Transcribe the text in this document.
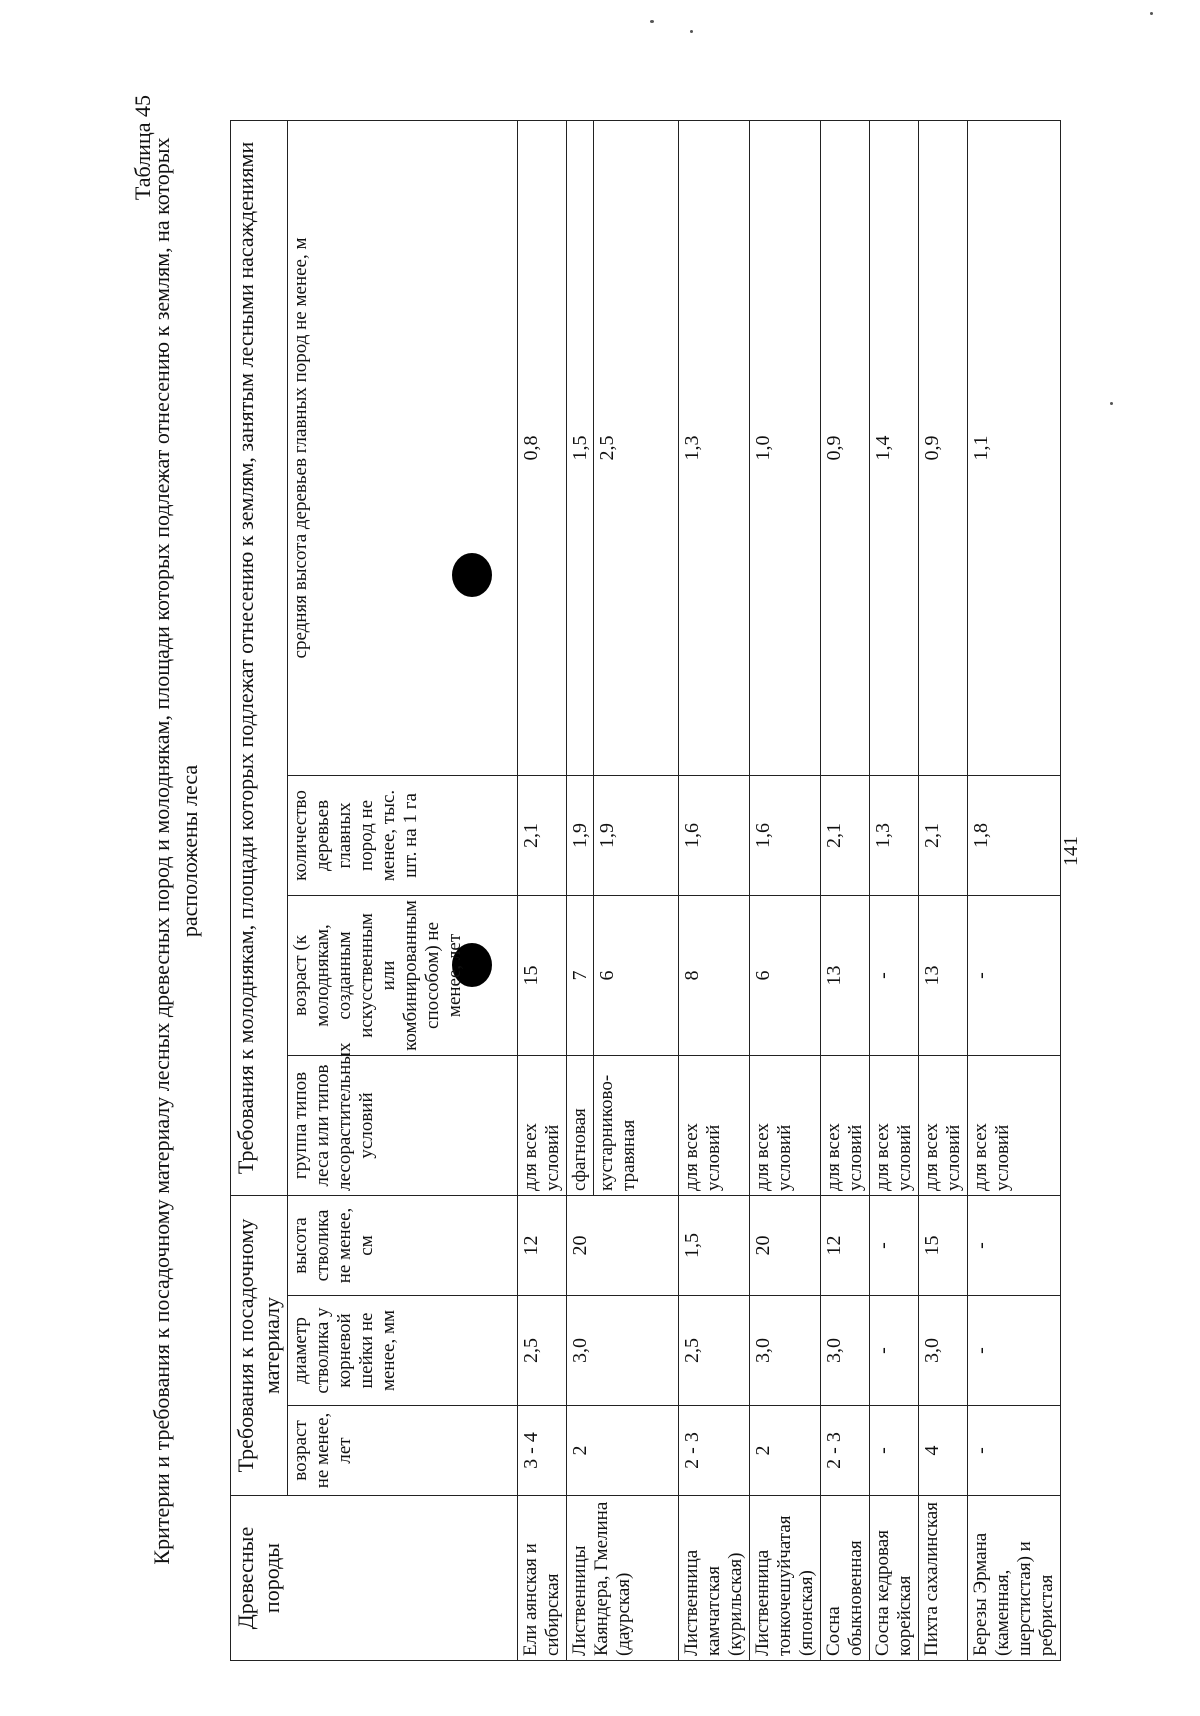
Таблица 45
Критерии и требования к посадочному материалу лесных древесных пород и молоднякам, площади которых подлежат отнесению к землям, на которых расположены леса
Древесные породы	Требования к посадочному материалу			Требования к молоднякам, площади которых подлежат отнесению к землям, занятым лесными насаждениями			
	возраст не менее, лет	диаметр стволика у корневой шейки не менее, мм	высота стволика не менее, см	группа типов леса или типов лесорастительных условий	возраст (к молоднякам, созданным искусственным или комбинированным способом) не менее, лет	количество деревьев главных пород не менее, тыс. шт. на 1 га	средняя высота деревьев главных пород не менее, м
Ели аянская и сибирская	3 - 4	2,5	12	для всех условий	15	2,1	0,8
Лиственницы Каяндера, Гмелина (даурская)	2	3,0	20	сфагновая	7	1,9	1,5
				кустарниково-травяная	6	1,9	2,5
Лиственница камчатская (курильская)	2 - 3	2,5	1,5	для всех условий	8	1,6	1,3
Лиственница тонкочешуйчатая (японская)	2	3,0	20	для всех условий	6	1,6	1,0
Сосна обыкновенная	2 - 3	3,0	12	для всех условий	13	2,1	0,9
Сосна кедровая корейская	-	-	-	для всех условий	-	1,3	1,4
Пихта сахалинская	4	3,0	15	для всех условий	13	2,1	0,9
Березы Эрмана (каменная, шерстистая) и ребристая	-	-	-	для всех условий	-	1,8	1,1
141
